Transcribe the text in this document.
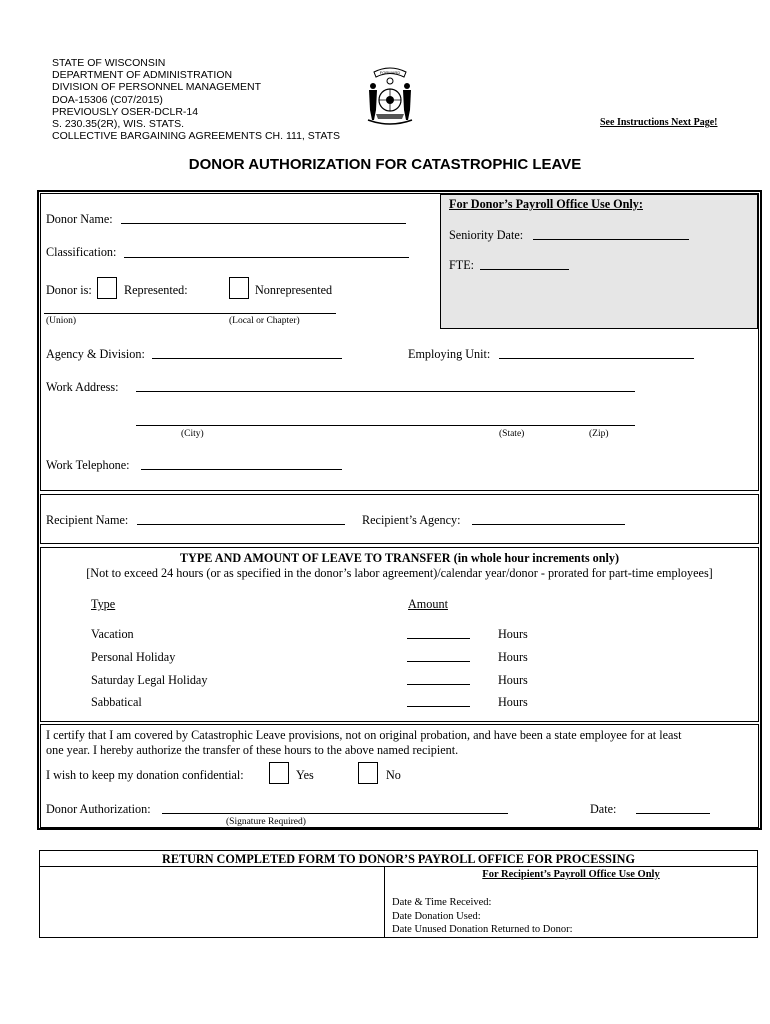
STATE OF WISCONSIN
DEPARTMENT OF ADMINISTRATION
DIVISION OF PERSONNEL MANAGEMENT
DOA-15306 (C07/2015)
PREVIOUSLY OSER-DCLR-14
S. 230.35(2R), WIS. STATS.
COLLECTIVE BARGAINING AGREEMENTS CH. 111, STATS
FORWARD
See Instructions Next Page!
DONOR AUTHORIZATION FOR CATASTROPHIC LEAVE
For Donor’s Payroll Office Use Only:
Seniority Date:
FTE:
Donor Name:
Classification:
Donor is:	Represented:	Nonrepresented
(Union)	(Local or Chapter)
Agency & Division:	Employing Unit:
Work Address:
(City)	(State)	(Zip)
Work Telephone:
Recipient Name:	Recipient’s Agency:
TYPE AND AMOUNT OF LEAVE TO TRANSFER (in whole hour increments only)
[Not to exceed 24 hours (or as specified in the donor’s labor agreement)/calendar year/donor - prorated for part-time employees]
Type	Amount
Vacation	Hours
Personal Holiday	Hours
Saturday Legal Holiday	Hours
Sabbatical	Hours
I certify that I am covered by Catastrophic Leave provisions, not on original probation, and have been a state employee for at least
one year. I hereby authorize the transfer of these hours to the above named recipient.
I wish to keep my donation confidential:	Yes	No
Donor Authorization:
(Signature Required)
Date:
RETURN COMPLETED FORM TO DONOR’S PAYROLL OFFICE FOR PROCESSING
For Recipient’s Payroll Office Use Only
Date & Time Received:
Date Donation Used:
Date Unused Donation Returned to Donor:
